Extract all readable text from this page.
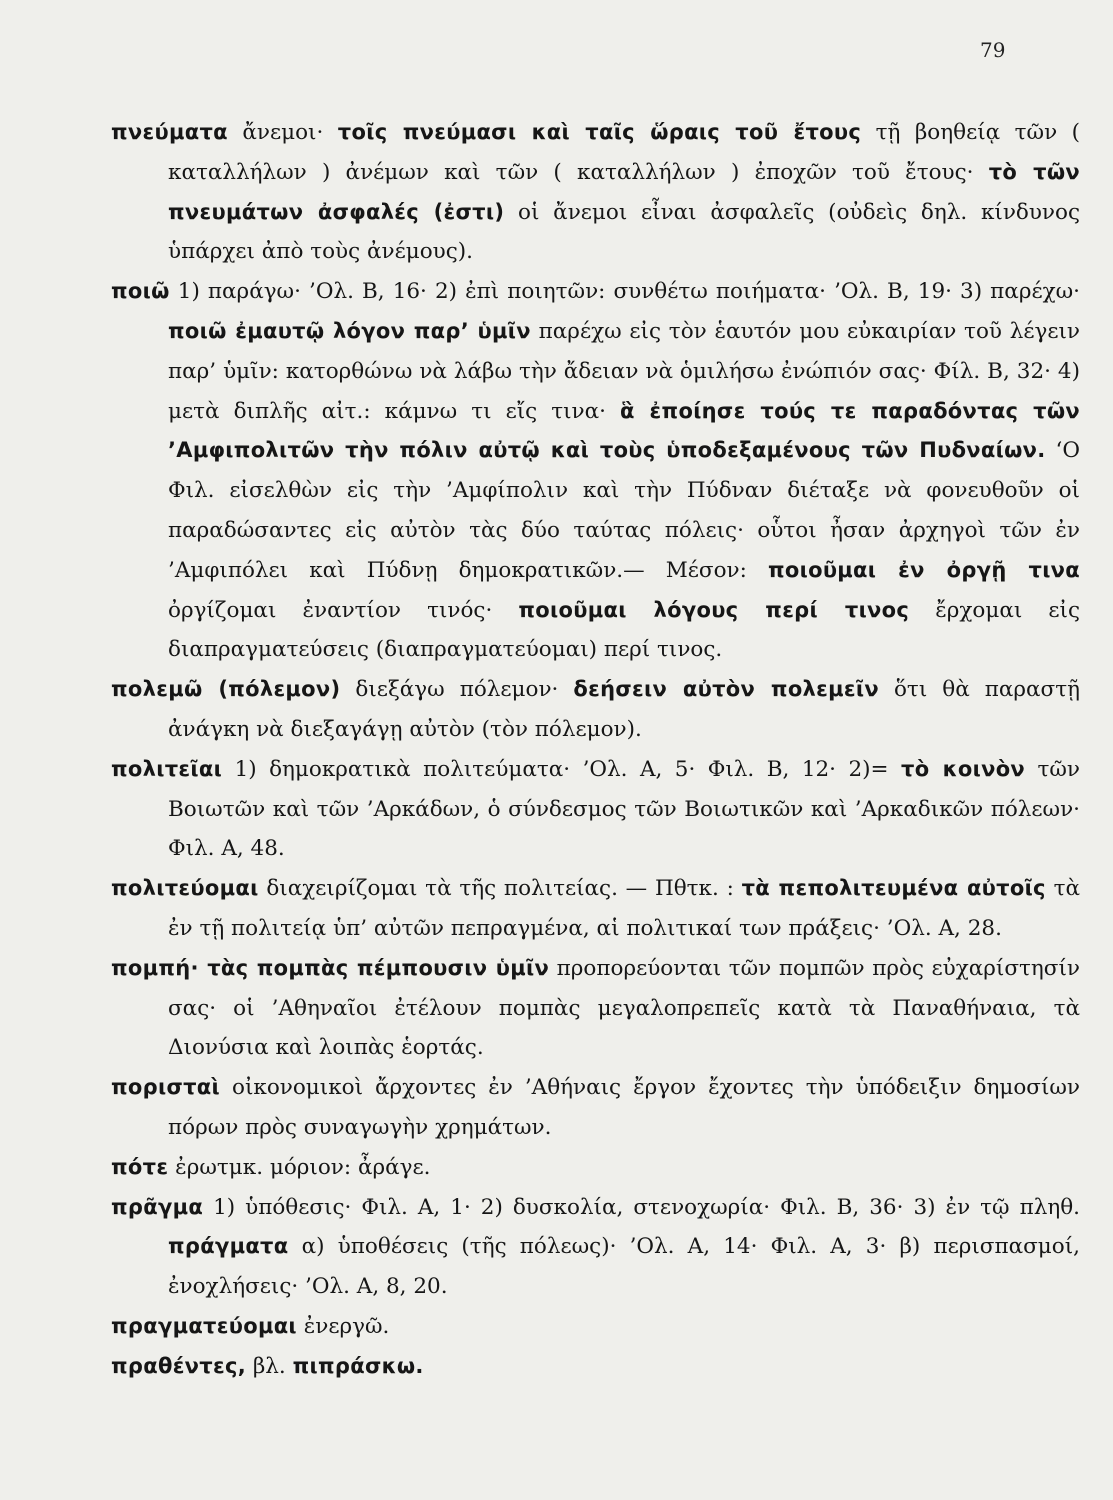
79

πνεύματα ἄνεμοι· τοῖς πνεύμασι καὶ ταῖς ὥραις τοῦ ἔτους τῇ βοηθείᾳ τῶν ( καταλλήλων ) ἀνέμων καὶ τῶν ( καταλλήλων ) ἐποχῶν τοῦ ἔτους· τὸ τῶν πνευμάτων ἀσφαλές (ἐστι) οἱ ἄνεμοι εἶναι ἀσφαλεῖς (οὐδεὶς δηλ. κίνδυνος ὑπάρχει ἀπὸ τοὺς ἀνέμους).

ποιῶ 1) παράγω· ’Ολ. Β, 16· 2) ἐπὶ ποιητῶν: συνθέτω ποιήματα· ’Ολ. Β, 19· 3) παρέχω· ποιῶ ἐμαυτῷ λόγον παρ’ ὑμῖν παρέχω εἰς τὸν ἑαυτόν μου εὐκαιρίαν τοῦ λέγειν παρ’ ὑμῖν: κατορθώνω νὰ λάβω τὴν ἄδειαν νὰ ὁμιλήσω ἐνώπιόν σας· Φίλ. Β, 32· 4) μετὰ διπλῆς αἰτ.: κάμνω τι εἴς τινα· ἃ ἐποίησε τούς τε παραδόντας τῶν ’Αμφιπολιτῶν τὴν πόλιν αὐτῷ καὶ τοὺς ὑποδεξαμένους τῶν Πυδναίων. ‘Ο Φιλ. εἰσελθὼν εἰς τὴν ’Αμφίπολιν καὶ τὴν Πύδναν διέταξε νὰ φονευθοῦν οἱ παραδώσαντες εἰς αὐτὸν τὰς δύο ταύτας πόλεις· οὗτοι ἦσαν ἀρχηγοὶ τῶν ἐν ’Αμφιπόλει καὶ Πύδνῃ δημοκρατικῶν.— Μέσον: ποιοῦμαι ἐν ὀργῇ τινα ὀργίζομαι ἐναντίον τινός· ποιοῦμαι λόγους περί τινος ἔρχομαι εἰς διαπραγματεύσεις (διαπραγματεύομαι) περί τινος.

πολεμῶ (πόλεμον) διεξάγω πόλεμον· δεήσειν αὐτὸν πολεμεῖν ὅτι θὰ παραστῇ ἀνάγκη νὰ διεξαγάγῃ αὐτὸν (τὸν πόλεμον).

πολιτεῖαι 1) δημοκρατικὰ πολιτεύματα· ’Ολ. Α, 5· Φιλ. Β, 12· 2)= τὸ κοινὸν τῶν Βοιωτῶν καὶ τῶν ’Αρκάδων, ὁ σύνδεσμος τῶν Βοιωτικῶν καὶ ’Αρκαδικῶν πόλεων· Φιλ. Α, 48.

πολιτεύομαι διαχειρίζομαι τὰ τῆς πολιτείας. — Πθτκ. : τὰ πεπολιτευμένα αὐτοῖς τὰ ἐν τῇ πολιτείᾳ ὑπ’ αὐτῶν πεπραγμένα, αἱ πολιτικαί των πράξεις· ’Ολ. Α, 28.

πομπή· τὰς πομπὰς πέμπουσιν ὑμῖν προπορεύονται τῶν πομπῶν πρὸς εὐχαρίστησίν σας· οἱ ’Αθηναῖοι ἐτέλουν πομπὰς μεγαλοπρεπεῖς κατὰ τὰ Παναθήναια, τὰ Διονύσια καὶ λοιπὰς ἑορτάς.

πορισταὶ οἰκονομικοὶ ἄρχοντες ἐν ’Αθήναις ἔργον ἔχοντες τὴν ὑπόδειξιν δημοσίων πόρων πρὸς συναγωγὴν χρημάτων.

πότε ἐρωτμκ. μόριον: ἆράγε.

πρᾶγμα 1) ὑπόθεσις· Φιλ. Α, 1· 2) δυσκολία, στενοχωρία· Φιλ. Β, 36· 3) ἐν τῷ πληθ. πράγματα α) ὑποθέσεις (τῆς πόλεως)· ’Ολ. Α, 14· Φιλ. Α, 3· β) περισπασμοί, ἐνοχλήσεις· ’Ολ. Α, 8, 20.

πραγματεύομαι ἐνεργῶ.

πραθέντες, βλ. πιπράσκω.
